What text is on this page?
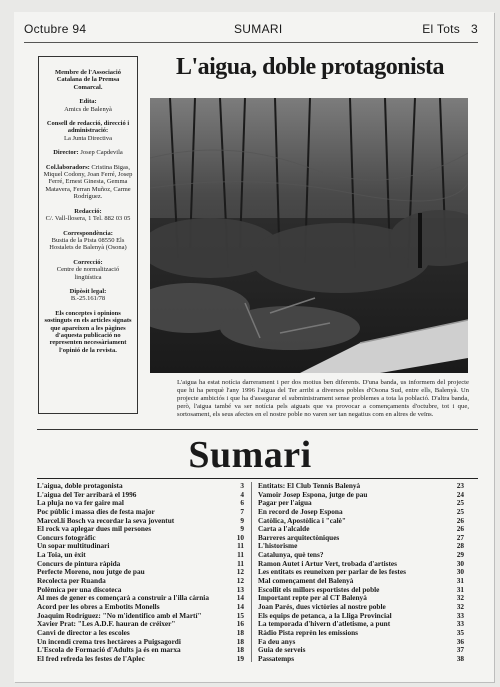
Octubre 94	SUMARI	El Tots 3
Membre de l'Associació Catalana de la Premsa Comarcal.
Edita:
Amics de Balenyà
Consell de redacció, direcció i administració:
La Junta Directiva
Director: Josep Capdevila
Col.laboradors: Cristina Bigas, Miquel Codony, Joan Ferré, Josep Ferré, Ernest Ginesta, Gemma Matavera, Ferran Muñoz, Carme Rodríguez.
Redacció:
C/. Vall-llosera, 1 Tel. 882 03 05
Correspondència:
Bustia de la Pista 08550 Els Hostalets de Balenyà (Osona)
Correcció:
Centre de normalització lingüística
Dipòsit legal:
B.-25.161/78
Els conceptes i opinions sostinguts en els articles signats que apareixen a les pàgines d'aquesta publicació no representen necessàriament l'opinió de la revista.
L'aigua, doble protagonista
L'aigua ha estat notícia darrerament i per dos motius ben diferents. D'una banda, us informem del projecte que hi ha perquè l'any 1996 l'aigua del Ter arribi a diversos pobles d'Osona Sud, entre ells, Balenyà. Un projecte ambiciós i que ha d'assegurar el subministrament sense problemes a tota la població. D'altra banda, però, l'aigua també va ser notícia pels aiguats que va provocar a començaments d'octubre, tot i que, sortosament, els seus afectes en el nostre poble no varen ser tan negatius com en altres de veïns.
Sumari
L'aigua, doble protagonista	3
L'aigua del Ter arribarà el 1996	4
La pluja no va fer gaire mal	6
Poc públic i massa dies de festa major	7
Marcel.lí Bosch va recordar la seva joventut	9
El rock va aplegar dues mil persones	9
Concurs fotogràfic	10
Un sopar multitudinari	11
La Toia, un èxit	11
Concurs de pintura ràpida	11
Perfecte Moreno, nou jutge de pau	12
Recolecta per Ruanda	12
Polèmica per una discoteca	13
Al mes de gener es començarà a construir a l'illa càrnia	14
Acord per les obres a Embotits Monells	14
Joaquim Rodríguez: "No m'identifico amb el Martí"	15
Xavier Prat: "Les A.D.F. hauran de créixer"	16
Canvi de director a les escoles	18
Un incendi crema tres hectàrees a Puigsagordi	18
L'Escola de Formació d'Adults ja és en marxa	18
El fred refreda les festes de l'Aplec	19
Entitats: El Club Tennis Balenyà	23
Vamoir Josep Espona, jutge de pau	24
Pagar per l'aigua	25
En record de Josep Espona	25
Catòlica, Apostòlica i "calè"	26
Carta a l'alcalde	26
Barreres arquitectòniques	27
L'historisme	28
Catalunya, què tens?	29
Ramon Autet i Artur Vert, trobada d'artistes	30
Les entitats es reuneixen per parlar de les festes	30
Mal començament del Balenyà	31
Escollit els millors esportistes del poble	31
Important repte per al CT Balenyà	32
Joan Parés, dues victòries al nostre poble	32
Els equips de petanca, a la Lliga Provincial	33
La temporada d'hivern d'atletisme, a punt	33
Ràdio Pista reprèn les emissions	35
Fa deu anys	36
Guia de serveis	37
Passatemps	38
